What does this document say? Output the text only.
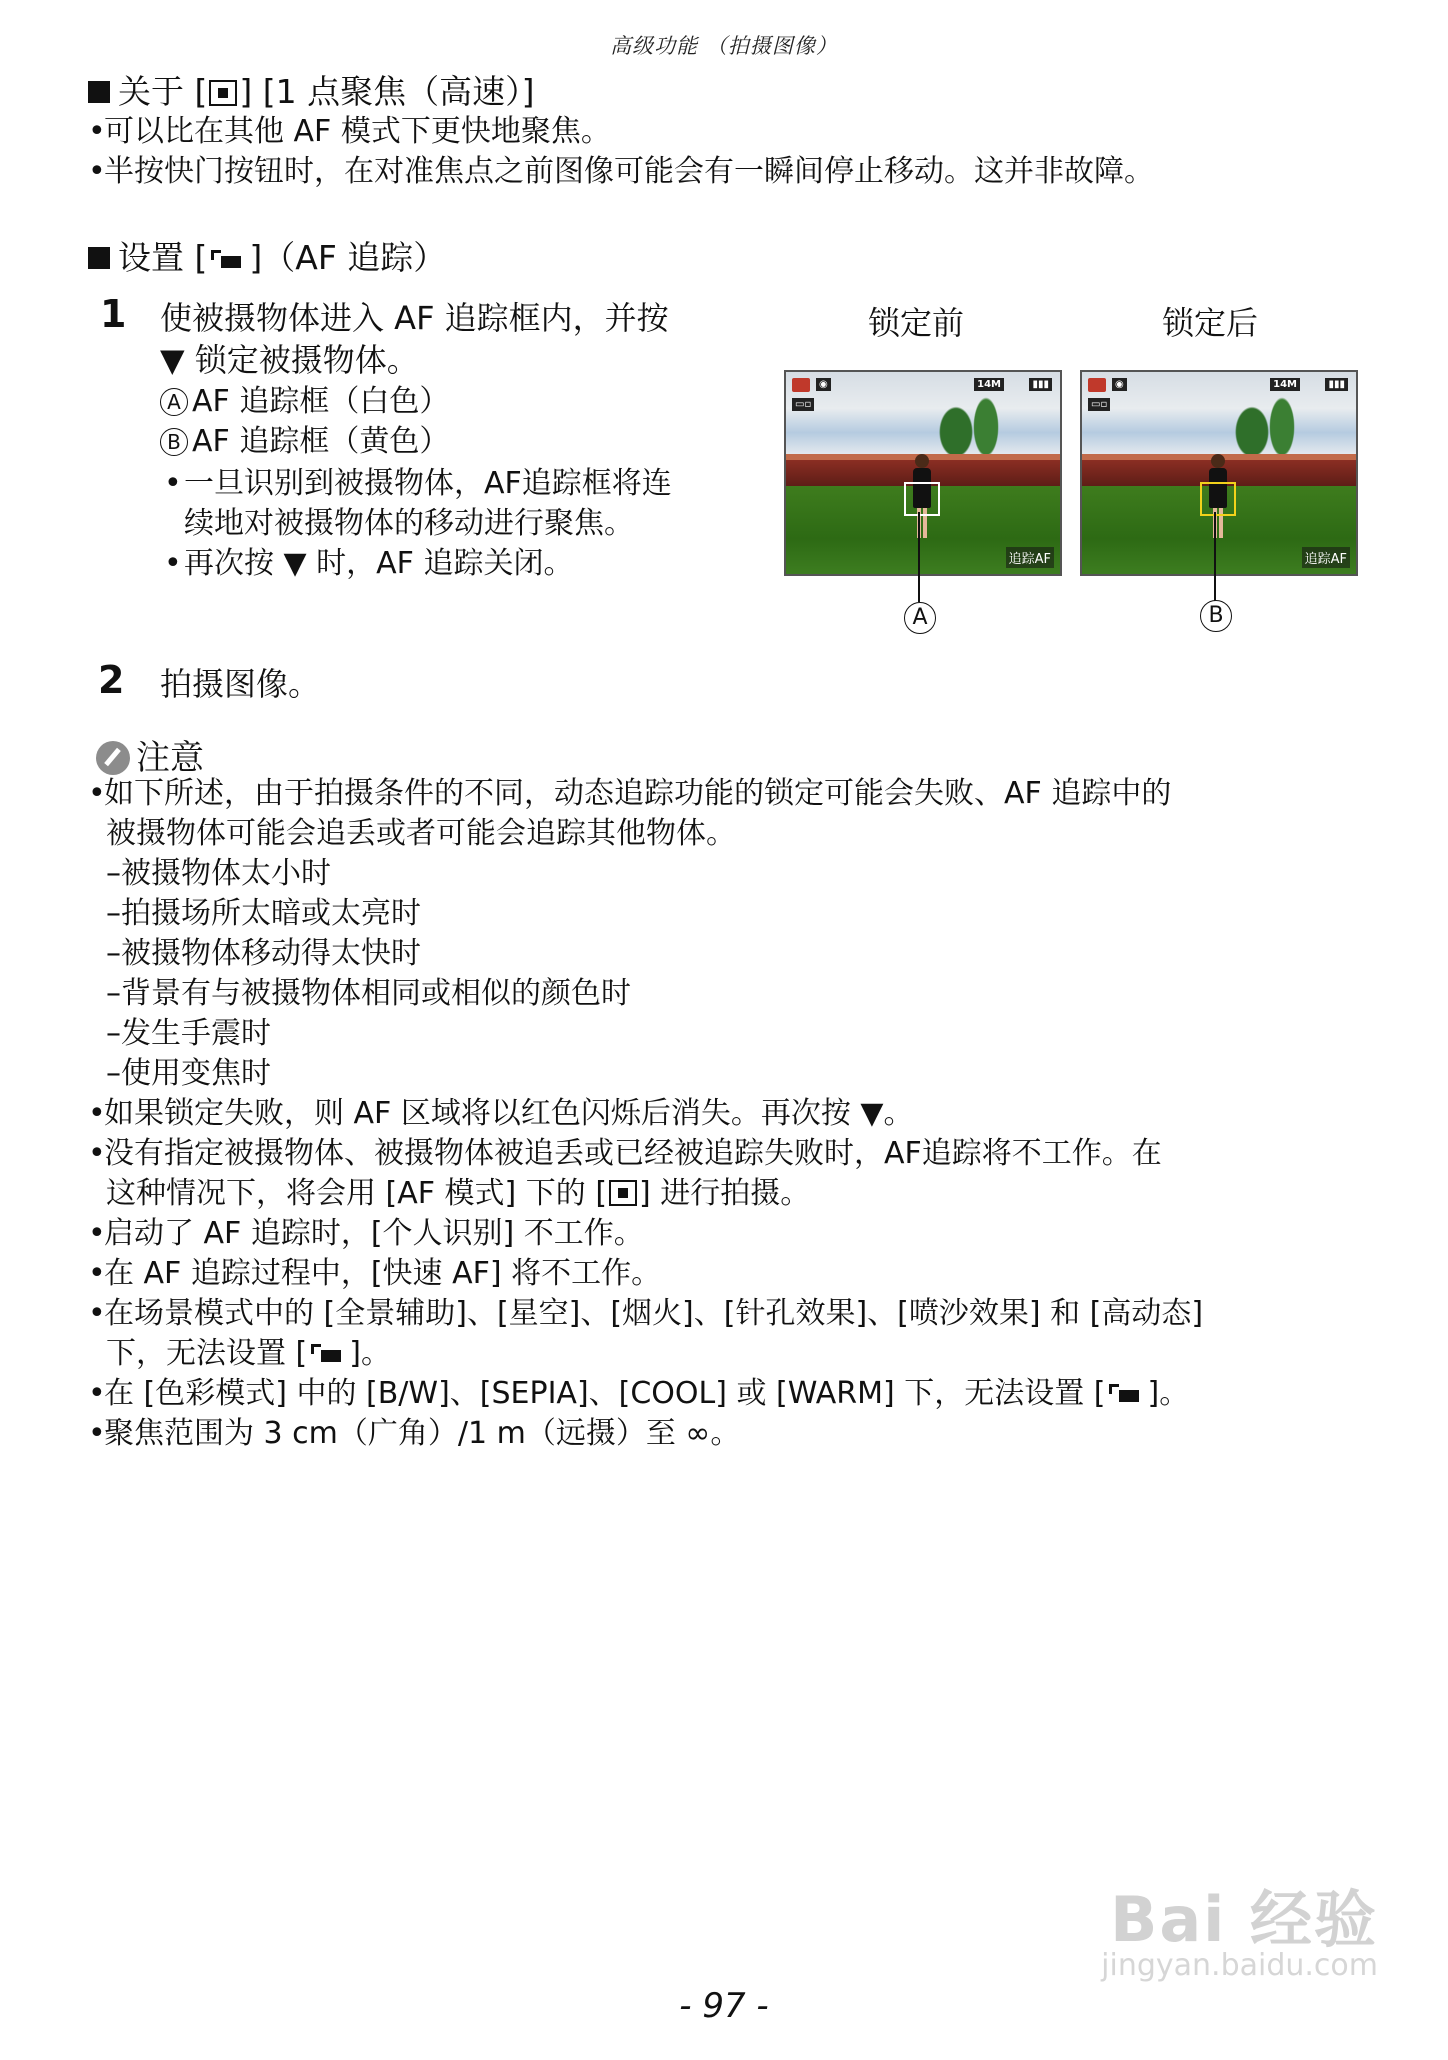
高级功能 （拍摄图像）
关于 [ ] [1 点聚焦（高速）]
•可以比在其他 AF 模式下更快地聚焦。
•半按快门按钮时，在对准焦点之前图像可能会有一瞬间停止移动。这并非故障。
设置 [ ]（AF 追踪）
1 使被摄物体进入 AF 追踪框内，并按
▼ 锁定被摄物体。
A AF 追踪框（白色）
B AF 追踪框（黄色）
•一旦识别到被摄物体，AF追踪框将连
续地对被摄物体的移动进行聚焦。
•再次按 ▼ 时，AF 追踪关闭。
锁定前	锁定后
◉
▭▫
14M	▮▮▮
追踪AF
A
◉
▭▫
14M	▮▮▮
追踪AF
B
2 拍摄图像。
注意
•如下所述，由于拍摄条件的不同，动态追踪功能的锁定可能会失败、AF 追踪中的
被摄物体可能会追丢或者可能会追踪其他物体。
–被摄物体太小时
–拍摄场所太暗或太亮时
–被摄物体移动得太快时
–背景有与被摄物体相同或相似的颜色时
–发生手震时
–使用变焦时
•如果锁定失败，则 AF 区域将以红色闪烁后消失。再次按 ▼。
•没有指定被摄物体、被摄物体被追丢或已经被追踪失败时，AF追踪将不工作。在
这种情况下，将会用 [AF 模式] 下的 [ ] 进行拍摄。
•启动了 AF 追踪时，[个人识别] 不工作。
•在 AF 追踪过程中，[快速 AF] 将不工作。
•在场景模式中的 [全景辅助]、[星空]、[烟火]、[针孔效果]、[喷沙效果] 和 [高动态]
下，无法设置 [ ]。
•在 [色彩模式] 中的 [B/W]、[SEPIA]、[COOL] 或 [WARM] 下，无法设置 [ ]。
•聚焦范围为 3 cm（广角）/1 m（远摄）至 ∞。
Bai 经验
jingyan.baidu.com
- 97 -
